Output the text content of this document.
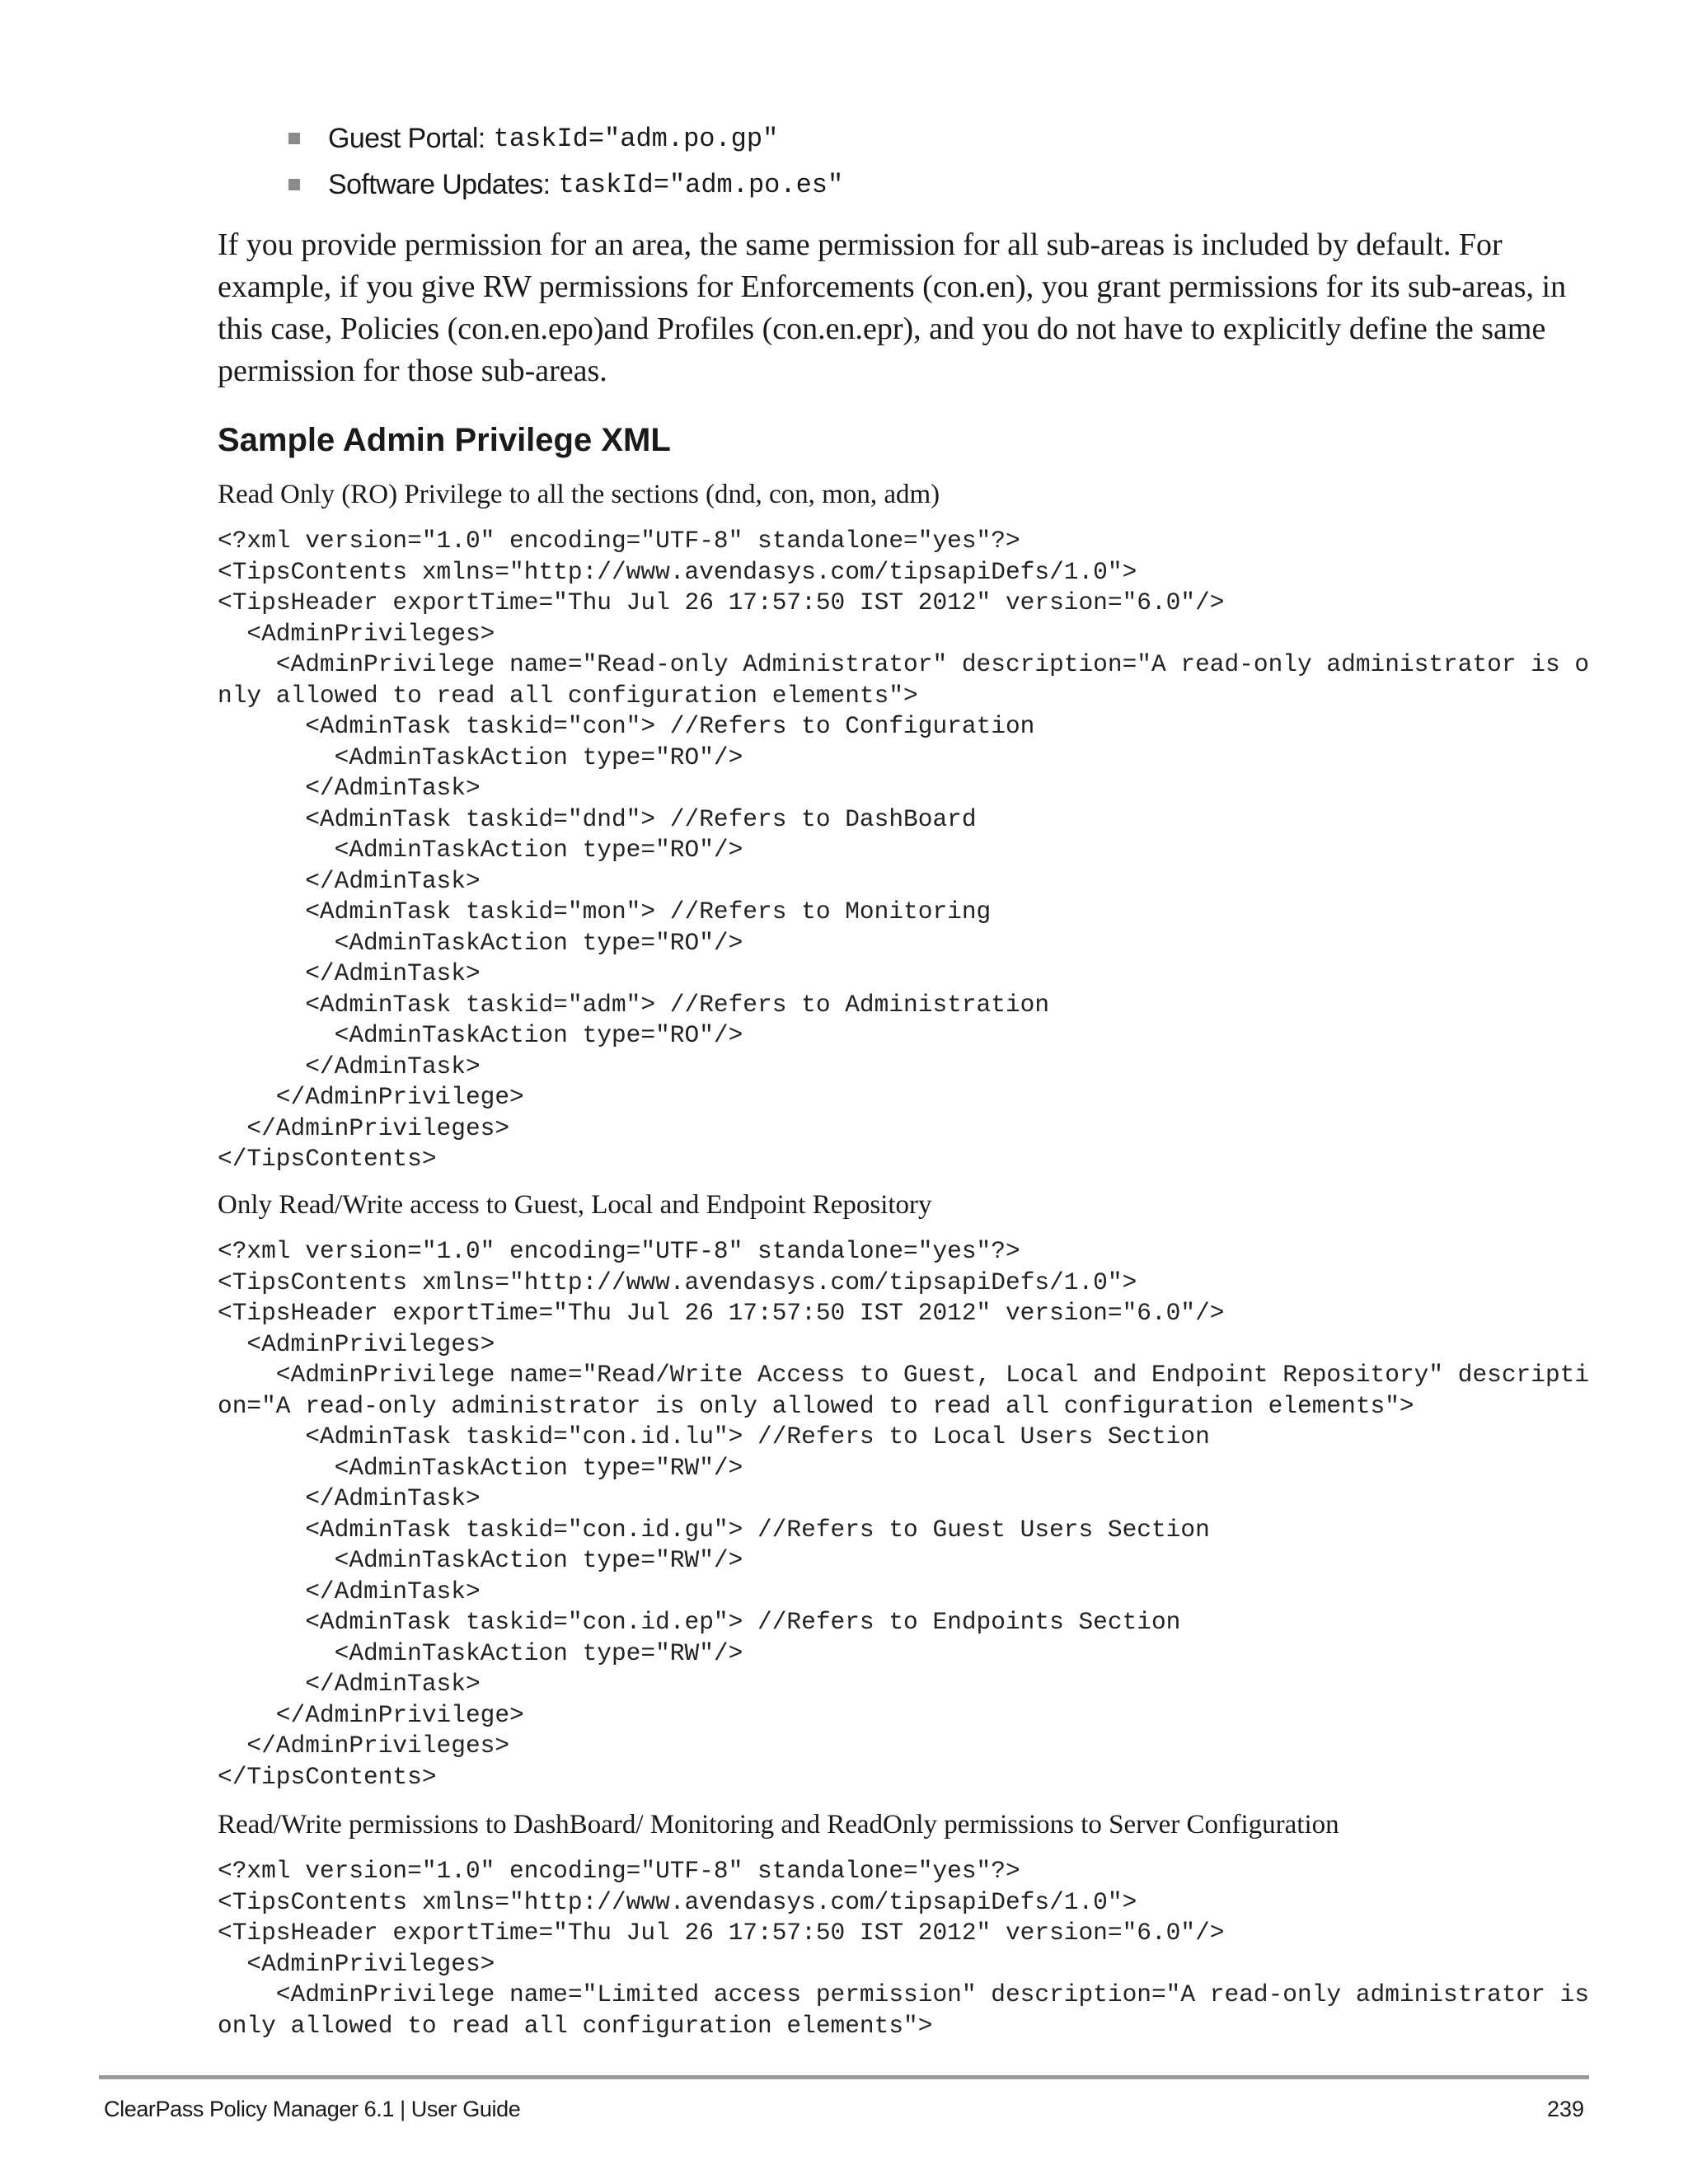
Guest Portal: taskId="adm.po.gp"
Software Updates: taskId="adm.po.es"

If you provide permission for an area, the same permission for all sub-areas is included by default. For example, if you give RW permissions for Enforcements (con.en), you grant permissions for its sub-areas, in this case, Policies (con.en.epo)and Profiles (con.en.epr), and you do not have to explicitly define the same permission for those sub-areas.

Sample Admin Privilege XML

Read Only (RO) Privilege to all the sections (dnd, con, mon, adm)

<?xml version="1.0" encoding="UTF-8" standalone="yes"?>
<TipsContents xmlns="http://www.avendasys.com/tipsapiDefs/1.0">
<TipsHeader exportTime="Thu Jul 26 17:57:50 IST 2012" version="6.0"/>
<AdminPrivileges>
<AdminPrivilege name="Read-only Administrator" description="A read-only administrator is o
nly allowed to read all configuration elements">
<AdminTask taskid="con"> //Refers to Configuration
<AdminTaskAction type="RO"/>
</AdminTask>
<AdminTask taskid="dnd"> //Refers to DashBoard
<AdminTaskAction type="RO"/>
</AdminTask>
<AdminTask taskid="mon"> //Refers to Monitoring
<AdminTaskAction type="RO"/>
</AdminTask>
<AdminTask taskid="adm"> //Refers to Administration
<AdminTaskAction type="RO"/>
</AdminTask>
</AdminPrivilege>
</AdminPrivileges>
</TipsContents>

Only Read/Write access to Guest, Local and Endpoint Repository

<?xml version="1.0" encoding="UTF-8" standalone="yes"?>
<TipsContents xmlns="http://www.avendasys.com/tipsapiDefs/1.0">
<TipsHeader exportTime="Thu Jul 26 17:57:50 IST 2012" version="6.0"/>
<AdminPrivileges>
<AdminPrivilege name="Read/Write Access to Guest, Local and Endpoint Repository" descripti
on="A read-only administrator is only allowed to read all configuration elements">
<AdminTask taskid="con.id.lu"> //Refers to Local Users Section
<AdminTaskAction type="RW"/>
</AdminTask>
<AdminTask taskid="con.id.gu"> //Refers to Guest Users Section
<AdminTaskAction type="RW"/>
</AdminTask>
<AdminTask taskid="con.id.ep"> //Refers to Endpoints Section
<AdminTaskAction type="RW"/>
</AdminTask>
</AdminPrivilege>
</AdminPrivileges>
</TipsContents>

Read/Write permissions to DashBoard/ Monitoring and ReadOnly permissions to Server Configuration

<?xml version="1.0" encoding="UTF-8" standalone="yes"?>
<TipsContents xmlns="http://www.avendasys.com/tipsapiDefs/1.0">
<TipsHeader exportTime="Thu Jul 26 17:57:50 IST 2012" version="6.0"/>
<AdminPrivileges>
<AdminPrivilege name="Limited access permission" description="A read-only administrator is
only allowed to read all configuration elements">
ClearPass Policy Manager 6.1 | User Guide	239
